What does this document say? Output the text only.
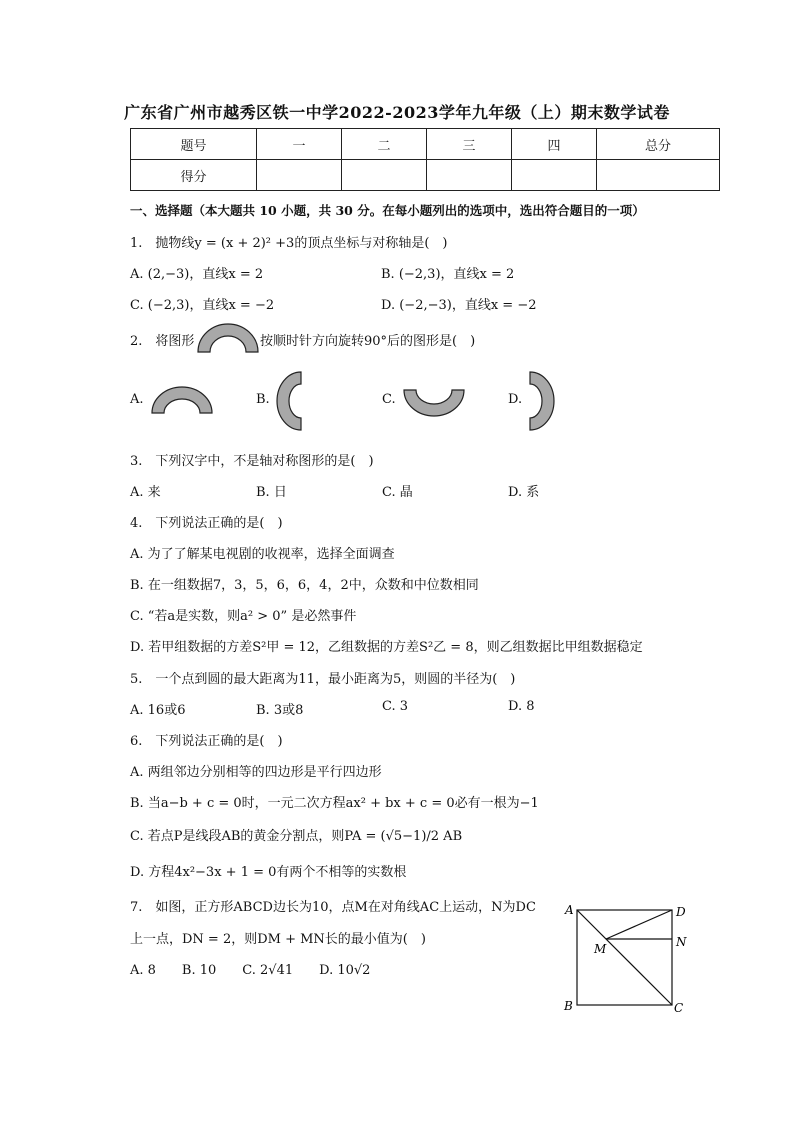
广东省广州市越秀区铁一中学2022-2023学年九年级（上）期末数学试卷
题号	一	二	三	四	总分
得分					
一、选择题（本大题共 10 小题，共 30 分。在每小题列出的选项中，选出符合题目的一项）
1.　抛物线y = (x + 2)² +3的顶点坐标与对称轴是(　)
A. (2,−3)，直线x = 2	B. (−2,3)，直线x = 2
C. (−2,3)，直线x = −2	D. (−2,−3)，直线x = −2
2.　将图形	按顺时针方向旋转90°后的图形是(　)
A.	B.	C.	D.
3.　下列汉字中，不是轴对称图形的是(　)
A. 来	B. 日	C. 晶	D. 系
4.　下列说法正确的是(　)
A. 为了了解某电视剧的收视率，选择全面调查
B. 在一组数据7，3，5，6，6，4，2中，众数和中位数相同
C. “若a是实数，则a² > 0” 是必然事件
D. 若甲组数据的方差S²甲 = 12，乙组数据的方差S²乙 = 8，则乙组数据比甲组数据稳定
5.　一个点到圆的最大距离为11，最小距离为5，则圆的半径为(　)
A. 16或6	B. 3或8	C. 3	D. 8
6.　下列说法正确的是(　)
A. 两组邻边分别相等的四边形是平行四边形
B. 当a−b + c = 0时，一元二次方程ax² + bx + c = 0必有一根为−1
C. 若点P是线段AB的黄金分割点，则PA = (√5−1)/2 AB
D. 方程4x²−3x + 1 = 0有两个不相等的实数根
7.　如图，正方形ABCD边长为10，点M在对角线AC上运动，N为DC
上一点，DN = 2，则DM + MN长的最小值为(　)
A. 8　　B. 10　　C. 2√41　　D. 10√2
A	D
N
M
B	C
